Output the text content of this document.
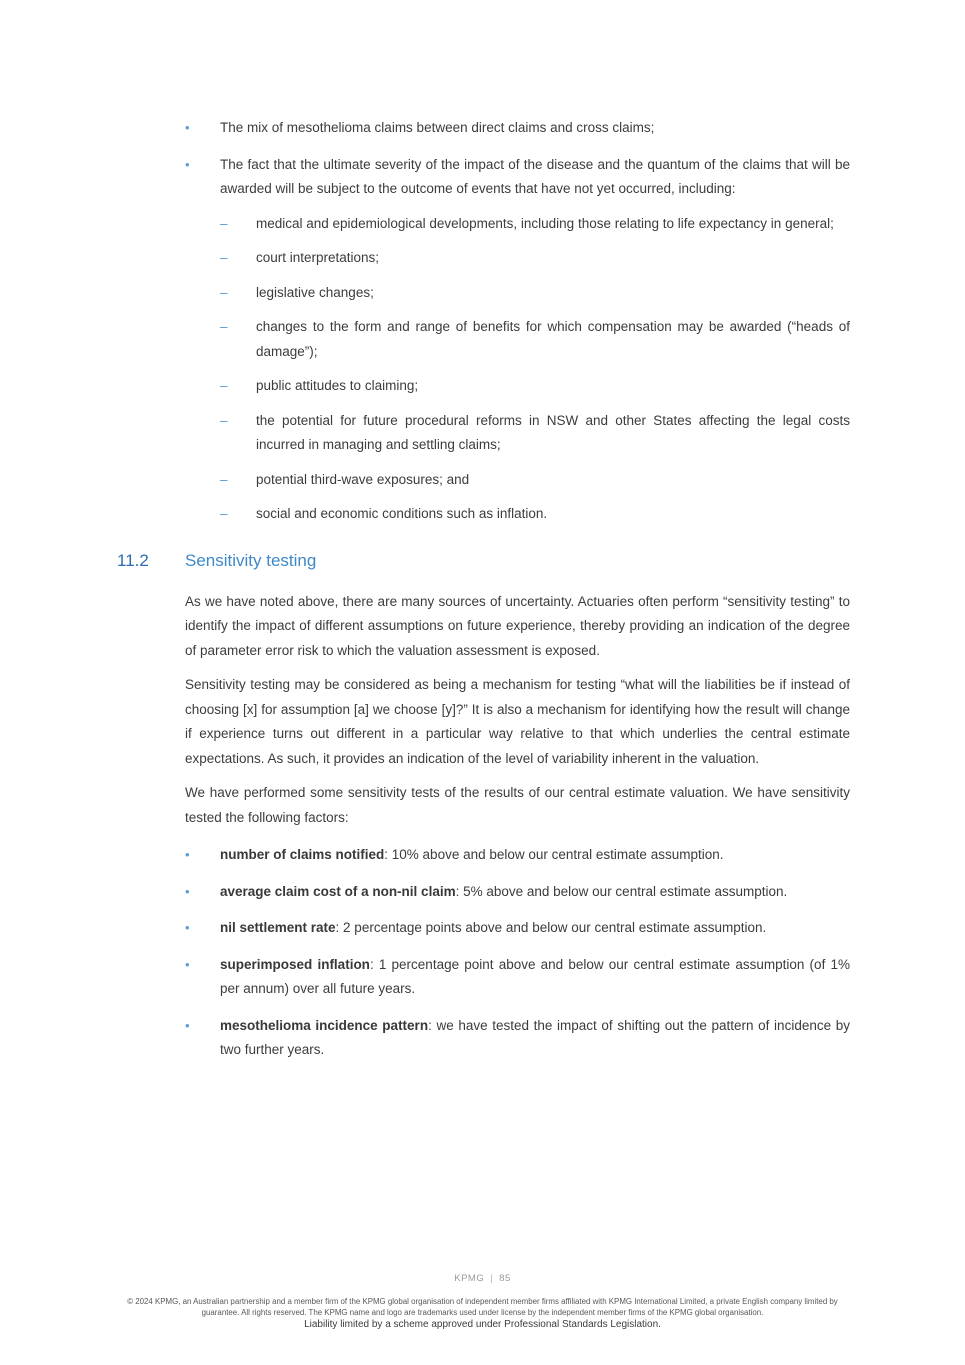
•	The mix of mesothelioma claims between direct claims and cross claims;
•	The fact that the ultimate severity of the impact of the disease and the quantum of the claims that will be awarded will be subject to the outcome of events that have not yet occurred, including:
–	medical and epidemiological developments, including those relating to life expectancy in general;
–	court interpretations;
–	legislative changes;
–	changes to the form and range of benefits for which compensation may be awarded (“heads of damage”);
–	public attitudes to claiming;
–	the potential for future procedural reforms in NSW and other States affecting the legal costs incurred in managing and settling claims;
–	potential third-wave exposures; and
–	social and economic conditions such as inflation.
11.2	Sensitivity testing

As we have noted above, there are many sources of uncertainty. Actuaries often perform “sensitivity testing” to identify the impact of different assumptions on future experience, thereby providing an indication of the degree of parameter error risk to which the valuation assessment is exposed.

Sensitivity testing may be considered as being a mechanism for testing “what will the liabilities be if instead of choosing [x] for assumption [a] we choose [y]?” It is also a mechanism for identifying how the result will change if experience turns out different in a particular way relative to that which underlies the central estimate expectations. As such, it provides an indication of the level of variability inherent in the valuation.

We have performed some sensitivity tests of the results of our central estimate valuation. We have sensitivity tested the following factors:

•	number of claims notified: 10% above and below our central estimate assumption.
•	average claim cost of a non-nil claim: 5% above and below our central estimate assumption.
•	nil settlement rate: 2 percentage points above and below our central estimate assumption.
•	superimposed inflation: 1 percentage point above and below our central estimate assumption (of 1% per annum) over all future years.
•	mesothelioma incidence pattern: we have tested the impact of shifting out the pattern of incidence by two further years.
KPMG | 85
© 2024 KPMG, an Australian partnership and a member firm of the KPMG global organisation of independent member firms affiliated with KPMG International Limited, a private English company limited by guarantee. All rights reserved. The KPMG name and logo are trademarks used under license by the independent member firms of the KPMG global organisation.
Liability limited by a scheme approved under Professional Standards Legislation.
